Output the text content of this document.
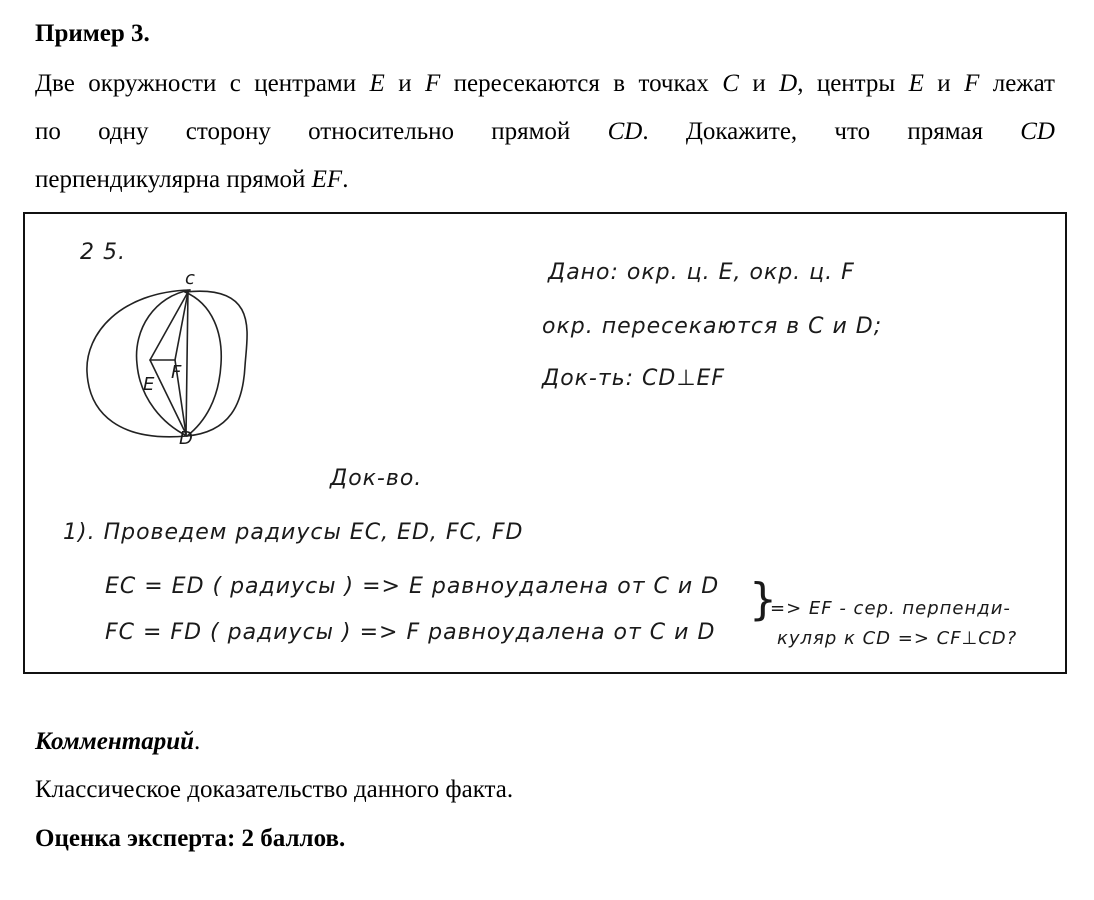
Пример 3.
Две окружности с центрами E и F пересекаются в точках C и D, центры E и F лежат
по одну сторону относительно прямой CD. Докажите, что прямая CD
перпендикулярна прямой EF.
2 5.
c
D
E
F
Дано: окр. ц. Е, окр. ц. F
окр. пересекаются в C и D;
Док-ть: CD⊥EF
Док-во.
1). Проведем радиусы EC, ED, FC, FD
EC = ED ( радиусы ) => E равноудалена от C и D
FC = FD ( радиусы ) => F равноудалена от C и D
}
=> EF - сер. перпенди-
куляр к CD => CF⊥CD?
Комментарий.
Классическое доказательство данного факта.
Оценка эксперта: 2 баллов.
